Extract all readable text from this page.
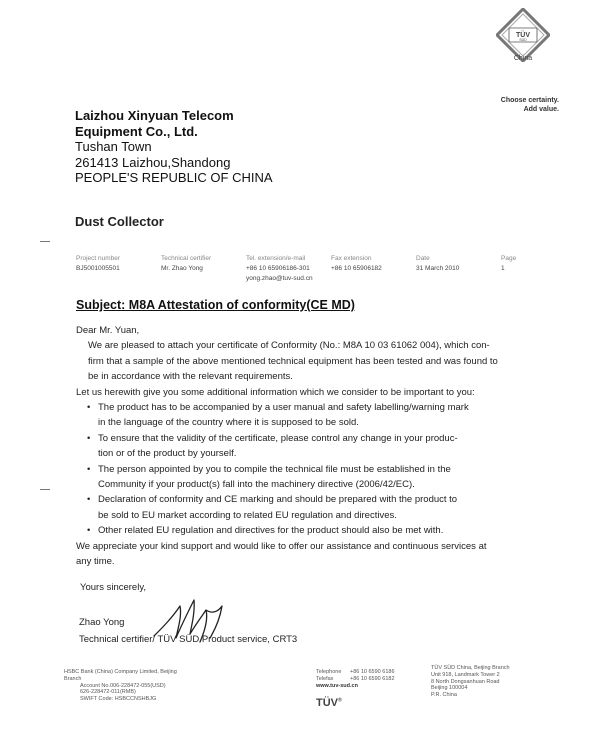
TÜV
SÜD
China
Choose certainty.
Add value.
Laizhou Xinyuan Telecom
Equipment Co., Ltd.
Tushan Town
261413 Laizhou,Shandong
PEOPLE'S REPUBLIC OF CHINA
Dust Collector
Project number
BJ5001005501
Technical certifier
Mr. Zhao Yong
Tel. extension/e-mail
+86 10 65906186-301
yong.zhao@tuv-sud.cn
Fax extension
+86 10 65906182
Date
31 March 2010
Page
1
Subject: M8A Attestation of conformity(CE MD)

Dear Mr. Yuan,

We are pleased to attach your certificate of Conformity (No.: M8A 10 03 61062 004), which con-

firm that a sample of the above mentioned technical equipment has been tested and was found to

be in accordance with the relevant requirements.

Let us herewith give you some additional information which we consider to be important to you:

• The product has to be accompanied by a user manual and safety labelling/warning mark

in the language of the country where it is supposed to be sold.

• To ensure that the validity of the certificate, please control any change in your produc-

tion or of the product by yourself.

• The person appointed by you to compile the technical file must be established in the

Community if your product(s) fall into the machinery directive (2006/42/EC).

• Declaration of conformity and CE marking and should be prepared with the product to

be sold to EU market according to related EU regulation and directives.

• Other related EU regulation and directives for the product should also be met with.

We appreciate your kind support and would like to offer our assistance and continuous services at

any time.

Yours sincerely,
Zhao Yong
Technical certifier/ TÜV SÜD Product service, CRT3
HSBC Bank (China) Company Limited, Beijing
Branch
Account No.006-228472-055(USD)
626-228472-011(RMB)
SWIFT Code: HSBCCNSHBJG
Telephone +86 10 6590 6186
Telefax	+86 10 6590 6182
www.tuv-sud.cn
TÜV®
TÜV SÜD China, Beijing Branch
Unit 918, Landmark Tower 2
8 North Dongsanhuan Road
Beijing 100004
P.R. China
